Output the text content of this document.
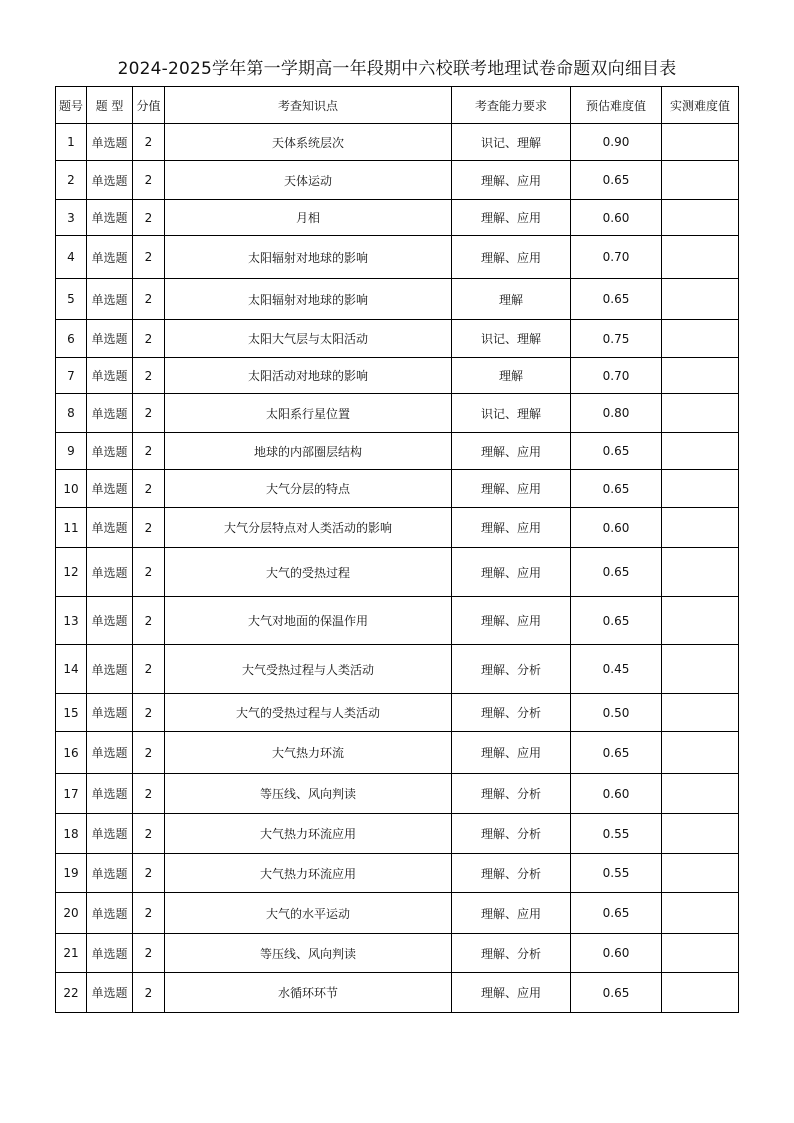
2024-2025学年第一学期高一年段期中六校联考地理试卷命题双向细目表
题号	题 型	分值	考查知识点	考查能力要求	预估难度值	实测难度值
1	单选题	2	天体系统层次	识记、理解	0.90	
2	单选题	2	天体运动	理解、应用	0.65	
3	单选题	2	月相	理解、应用	0.60	
4	单选题	2	太阳辐射对地球的影响	理解、应用	0.70	
5	单选题	2	太阳辐射对地球的影响	理解	0.65	
6	单选题	2	太阳大气层与太阳活动	识记、理解	0.75	
7	单选题	2	太阳活动对地球的影响	理解	0.70	
8	单选题	2	太阳系行星位置	识记、理解	0.80	
9	单选题	2	地球的内部圈层结构	理解、应用	0.65	
10	单选题	2	大气分层的特点	理解、应用	0.65	
11	单选题	2	大气分层特点对人类活动的影响	理解、应用	0.60	
12	单选题	2	大气的受热过程	理解、应用	0.65	
13	单选题	2	大气对地面的保温作用	理解、应用	0.65	
14	单选题	2	大气受热过程与人类活动	理解、分析	0.45	
15	单选题	2	大气的受热过程与人类活动	理解、分析	0.50	
16	单选题	2	大气热力环流	理解、应用	0.65	
17	单选题	2	等压线、风向判读	理解、分析	0.60	
18	单选题	2	大气热力环流应用	理解、分析	0.55	
19	单选题	2	大气热力环流应用	理解、分析	0.55	
20	单选题	2	大气的水平运动	理解、应用	0.65	
21	单选题	2	等压线、风向判读	理解、分析	0.60	
22	单选题	2	水循环环节	理解、应用	0.65	
